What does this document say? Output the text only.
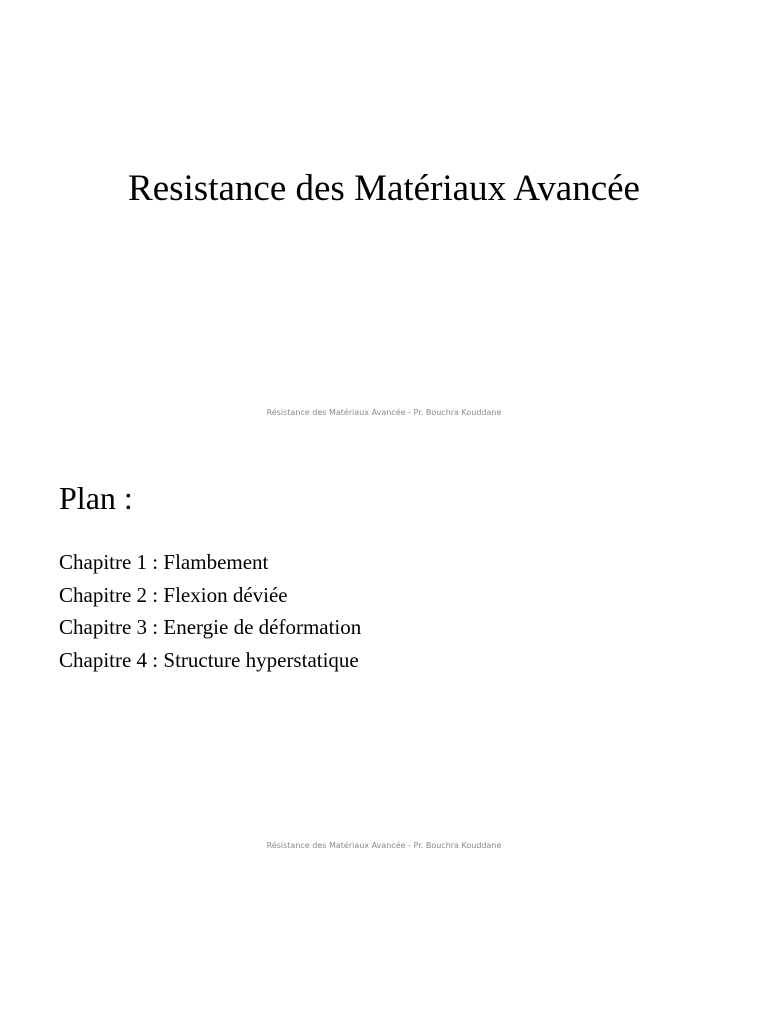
Resistance des Matériaux Avancée
Résistance des Matériaux Avancée - Pr. Bouchra Kouddane
Plan :
Chapitre 1 : Flambement
Chapitre 2 : Flexion déviée
Chapitre 3 : Energie de déformation
Chapitre 4 : Structure hyperstatique
Résistance des Matériaux Avancée - Pr. Bouchra Kouddane
